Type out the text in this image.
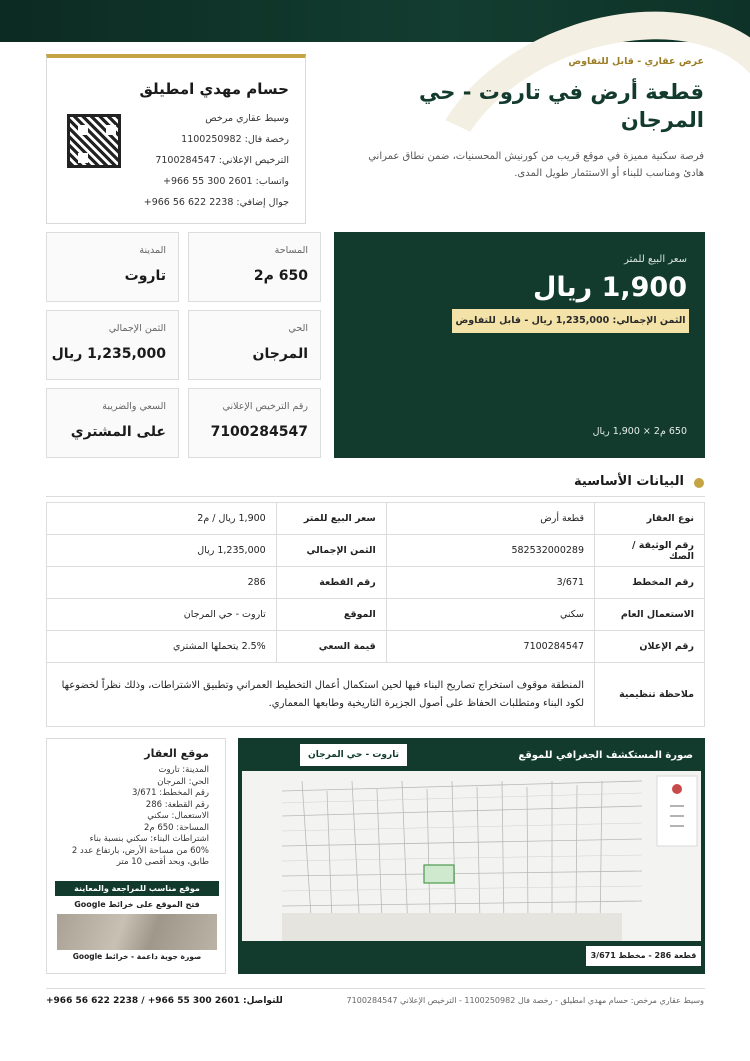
حسام مهدي امطيلق
وسيط عقاري مرخص
رخصة فال: 1100250982
الترخيص الإعلاني: 7100284547
واتساب: 2601 300 55 966+
جوال إضافي: 2238 622 56 966+
عرض عقاري - قابل للتفاوض
قطعة أرض في تاروت - حي المرجان
فرصة سكنية مميزة في موقع قريب من كورنيش المحسنيات، ضمن نطاق عمراني هادئ ومناسب للبناء أو الاستثمار طويل المدى.
المساحة
650 م2
المدينة
تاروت
الحي
المرجان
الثمن الإجمالي
1,235,000 ريال
رقم الترخيص الإعلاني
7100284547
السعي والضريبة
على المشتري
سعر البيع للمتر
1,900 ريال
الثمن الإجمالي: 1,235,000 ريال - قابل للتفاوض
650 م2 × 1,900 ريال
البيانات الأساسية
نوع العقار	قطعة أرض	سعر البيع للمتر	1,900 ريال / م2
رقم الوثيقة / الصك	582532000289	الثمن الإجمالي	1,235,000 ريال
رقم المخطط	3/671	رقم القطعة	286
الاستعمال العام	سكني	الموقع	تاروت - حي المرجان
رقم الإعلان	7100284547	قيمة السعي	2.5% يتحملها المشتري
ملاحظة تنظيمية	المنطقة موقوف استخراج تصاريح البناء فيها لحين استكمال أعمال التخطيط العمراني وتطبيق الاشتراطات، وذلك نظراً لخضوعها لكود البناء ومتطلبات الحفاظ على أصول الجزيرة التاريخية وطابعها المعماري.		
موقع العقار
المدينة: تاروت
الحي: المرجان
رقم المخطط: 3/671
رقم القطعة: 286
الاستعمال: سكني
المساحة: 650 م2
اشتراطات البناء: سكني بنسبة بناء
60% من مساحة الأرض، بارتفاع عدد 2
طابق، وبحد أقصى 10 متر
موقع مناسب للمراجعة والمعاينة
فتح الموقع على خرائط Google
صورة جوية داعمة - خرائط Google
صورة المستكشف الجغرافي للموقع
تاروت - حي المرجان
قطعة 286 - مخطط 3/671
للتواصل: 2601 300 55 966+ / 2238 622 56 966+	وسيط عقاري مرخص: حسام مهدي امطيلق - رخصة فال 1100250982 - الترخيص الإعلاني 7100284547
